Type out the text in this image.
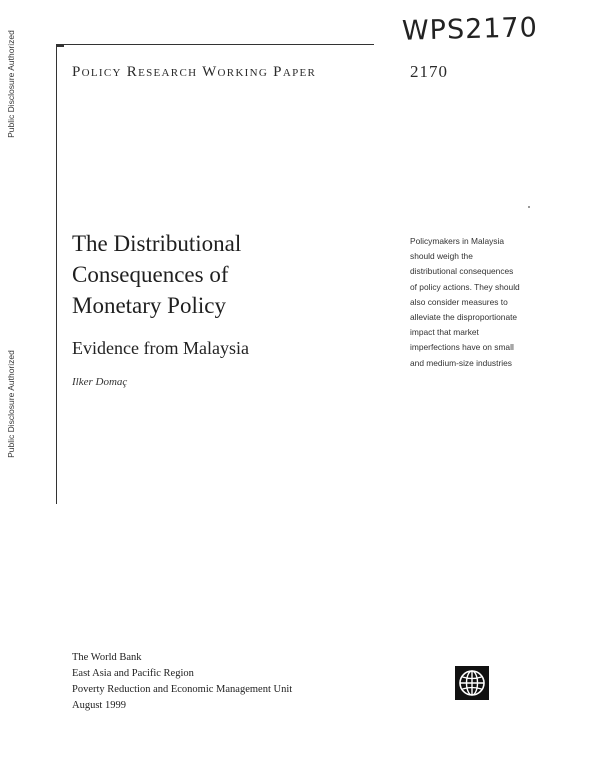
Public Disclosure Authorized
Public Disclosure Authorized
WPS2170
Policy Research Working Paper	2170
The Distributional
Consequences of
Monetary Policy
Evidence from Malaysia
Ilker Domaç
Policymakers in Malaysia
should weigh the
distributional consequences
of policy actions. They should
also consider measures to
alleviate the disproportionate
impact that market
imperfections have on small
and medium-size industries
The World Bank
East Asia and Pacific Region
Poverty Reduction and Economic Management Unit
August 1999
